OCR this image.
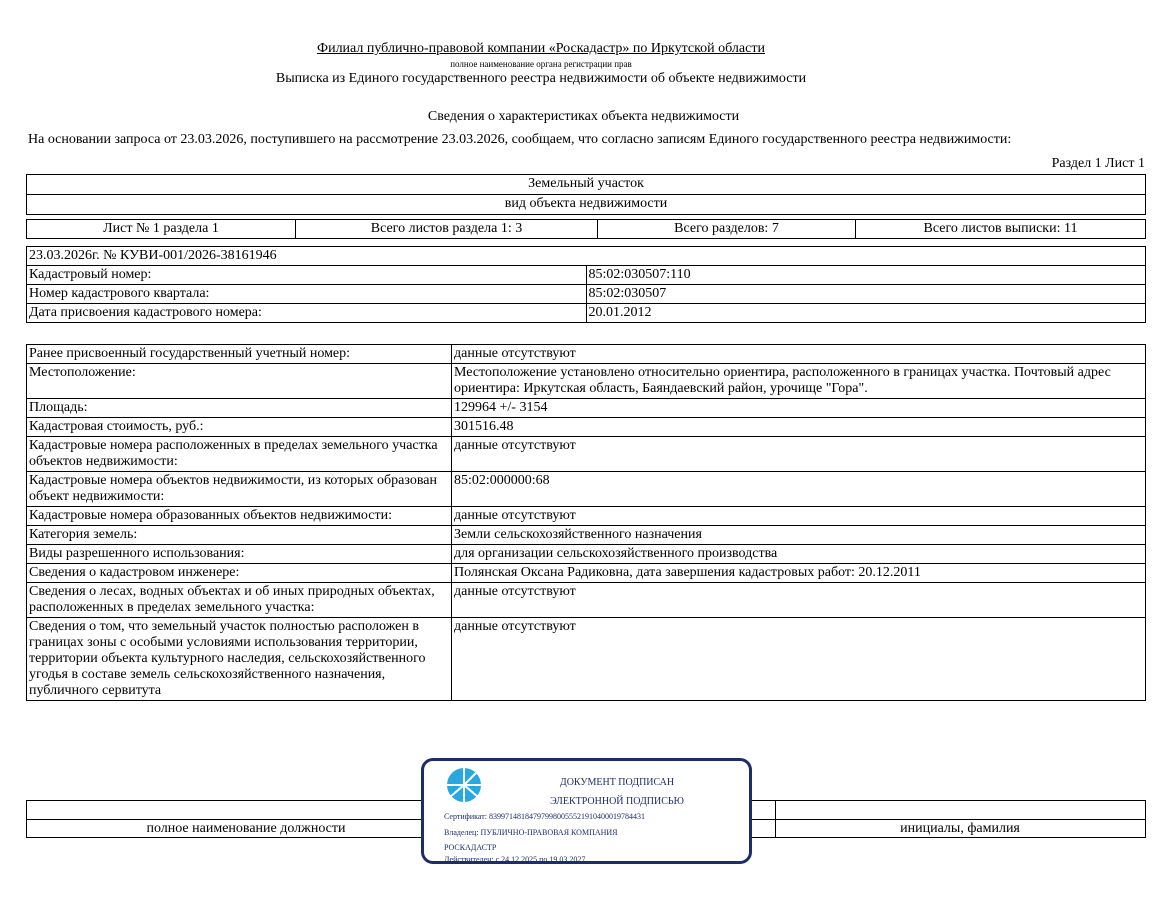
Филиал публично-правовой компании «Роскадастр» по Иркутской области
полное наименование органа регистрации прав
Выписка из Единого государственного реестра недвижимости об объекте недвижимости
Сведения о характеристиках объекта недвижимости
На основании запроса от 23.03.2026, поступившего на рассмотрение 23.03.2026, сообщаем, что согласно записям Единого государственного реестра недвижимости:
Раздел 1 Лист 1
Земельный участок
вид объекта недвижимости
Лист № 1 раздела 1	Всего листов раздела 1: 3	Всего разделов: 7	Всего листов выписки: 11
23.03.2026г. № КУВИ-001/2026-38161946	
Кадастровый номер:	85:02:030507:110
Номер кадастрового квартала:	85:02:030507
Дата присвоения кадастрового номера:	20.01.2012
Ранее присвоенный государственный учетный номер:	данные отсутствуют
Местоположение:	Местоположение установлено относительно ориентира, расположенного в границах участка. Почтовый адрес ориентира: Иркутская область, Баяндаевский район, урочище "Гора".
Площадь:	129964 +/- 3154
Кадастровая стоимость, руб.:	301516.48
Кадастровые номера расположенных в пределах земельного участка объектов недвижимости:	данные отсутствуют
Кадастровые номера объектов недвижимости, из которых образован объект недвижимости:	85:02:000000:68
Кадастровые номера образованных объектов недвижимости:	данные отсутствуют
Категория земель:	Земли сельскохозяйственного назначения
Виды разрешенного использования:	для организации сельскохозяйственного производства
Сведения о кадастровом инженере:	Полянская Оксана Радиковна, дата завершения кадастровых работ: 20.12.2011
Сведения о лесах, водных объектах и об иных природных объектах, расположенных в пределах земельного участка:	данные отсутствуют
Сведения о том, что земельный участок полностью расположен в границах зоны с особыми условиями использования территории, территории объекта культурного наследия, сельскохозяйственного угодья в составе земель сельскохозяйственного назначения, публичного сервитута	данные отсутствуют
полное наименование должности	инициалы, фамилия
ДОКУМЕНТ ПОДПИСАН
ЭЛЕКТРОННОЙ ПОДПИСЬЮ
Сертификат: 839971481847979980055521910400019784431
Владелец: ПУБЛИЧНО-ПРАВОВАЯ КОМПАНИЯ
РОСКАДАСТР
Действителен: с 24.12.2025 по 19.03.2027
